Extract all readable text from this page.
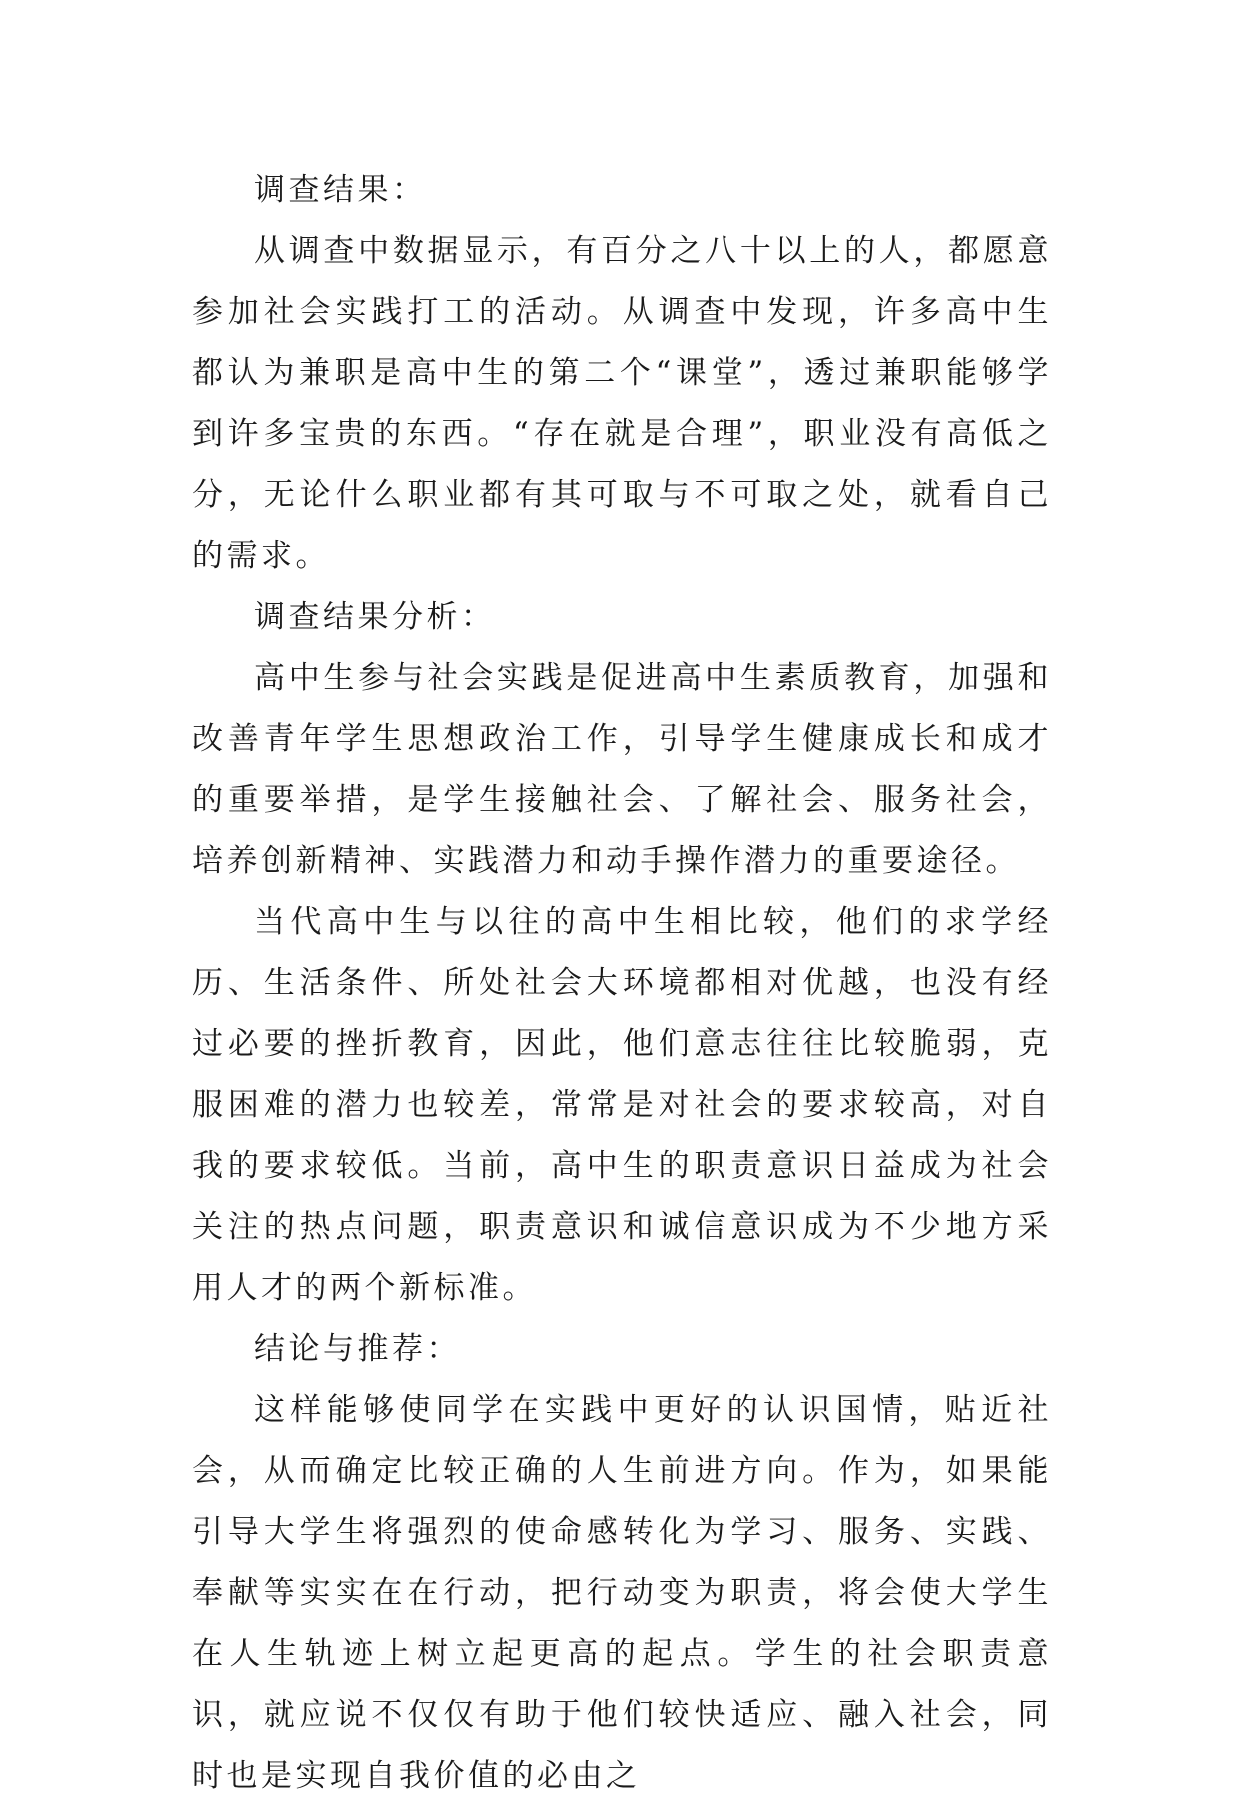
调查结果：

从调查中数据显示，有百分之八十以上的人，都愿意参加社会实践打工的活动。从调查中发现，许多高中生都认为兼职是高中生的第二个“课堂”，透过兼职能够学到许多宝贵的东西。“存在就是合理”，职业没有高低之分，无论什么职业都有其可取与不可取之处，就看自己的需求。

调查结果分析：

高中生参与社会实践是促进高中生素质教育，加强和改善青年学生思想政治工作，引导学生健康成长和成才的重要举措，是学生接触社会、了解社会、服务社会，培养创新精神、实践潜力和动手操作潜力的重要途径。

当代高中生与以往的高中生相比较，他们的求学经历、生活条件、所处社会大环境都相对优越，也没有经过必要的挫折教育，因此，他们意志往往比较脆弱，克服困难的潜力也较差，常常是对社会的要求较高，对自我的要求较低。当前，高中生的职责意识日益成为社会关注的热点问题，职责意识和诚信意识成为不少地方采用人才的两个新标准。

结论与推荐：

这样能够使同学在实践中更好的认识国情，贴近社会，从而确定比较正确的人生前进方向。作为，如果能引导大学生将强烈的使命感转化为学习、服务、实践、奉献等实实在在行动，把行动变为职责，将会使大学生在人生轨迹上树立起更高的起点。学生的社会职责意识，就应说不仅仅有助于他们较快适应、融入社会，同时也是实现自我价值的必由之
